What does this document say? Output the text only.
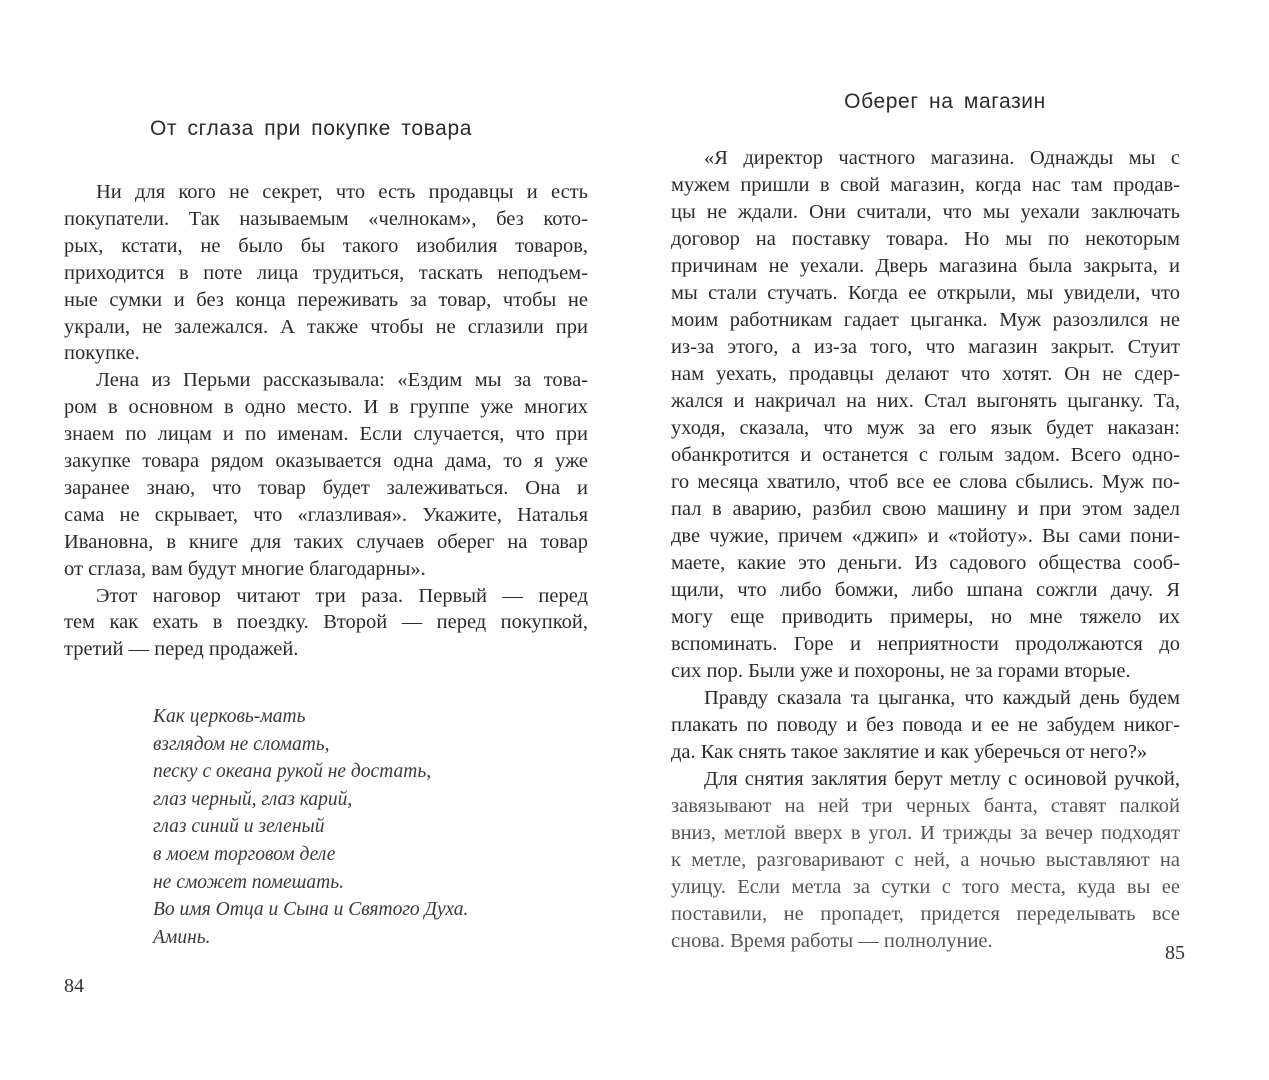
От сглаза при покупке товара
Ни для кого не секрет, что есть продавцы и есть
покупатели. Так называемым «челнокам», без кото-
рых, кстати, не было бы такого изобилия товаров,
приходится в поте лица трудиться, таскать неподъем-
ные сумки и без конца переживать за товар, чтобы не
украли, не залежался. А также чтобы не сглазили при
покупке.
Лена из Перьми рассказывала: «Ездим мы за това-
ром в основном в одно место. И в группе уже многих
знаем по лицам и по именам. Если случается, что при
закупке товара рядом оказывается одна дама, то я уже
заранее знаю, что товар будет залеживаться. Она и
сама не скрывает, что «глазливая». Укажите, Наталья
Ивановна, в книге для таких случаев оберег на товар
от сглаза, вам будут многие благодарны».
Этот наговор читают три раза. Первый — перед
тем как ехать в поездку. Второй — перед покупкой,
третий — перед продажей.
Как церковь-мать
взглядом не сломать,
песку с океана рукой не достать,
глаз черный, глаз карий,
глаз синий и зеленый
в моем торговом деле
не сможет помешать.
Во имя Отца и Сына и Святого Духа.
Аминь.
84
Оберег на магазин
«Я директор частного магазина. Однажды мы с
мужем пришли в свой магазин, когда нас там продав-
цы не ждали. Они считали, что мы уехали заключать
договор на поставку товара. Но мы по некоторым
причинам не уехали. Дверь магазина была закрыта, и
мы стали стучать. Когда ее открыли, мы увидели, что
моим работникам гадает цыганка. Муж разозлился не
из-за этого, а из-за того, что магазин закрыт. Стуит
нам уехать, продавцы делают что хотят. Он не сдер-
жался и накричал на них. Стал выгонять цыганку. Та,
уходя, сказала, что муж за его язык будет наказан:
обанкротится и останется с голым задом. Всего одно-
го месяца хватило, чтоб все ее слова сбылись. Муж по-
пал в аварию, разбил свою машину и при этом задел
две чужие, причем «джип» и «тойоту». Вы сами пони-
маете, какие это деньги. Из садового общества сооб-
щили, что либо бомжи, либо шпана сожгли дачу. Я
могу еще приводить примеры, но мне тяжело их
вспоминать. Горе и неприятности продолжаются до
сих пор. Были уже и похороны, не за горами вторые.
Правду сказала та цыганка, что каждый день будем
плакать по поводу и без повода и ее не забудем никог-
да. Как снять такое заклятие и как уберечься от него?»
Для снятия заклятия берут метлу с осиновой ручкой,
завязывают на ней три черных банта, ставят палкой
вниз, метлой вверх в угол. И трижды за вечер подходят
к метле, разговаривают с ней, а ночью выставляют на
улицу. Если метла за сутки с того места, куда вы ее
поставили, не пропадет, придется переделывать все
снова. Время работы — полнолуние.
85
